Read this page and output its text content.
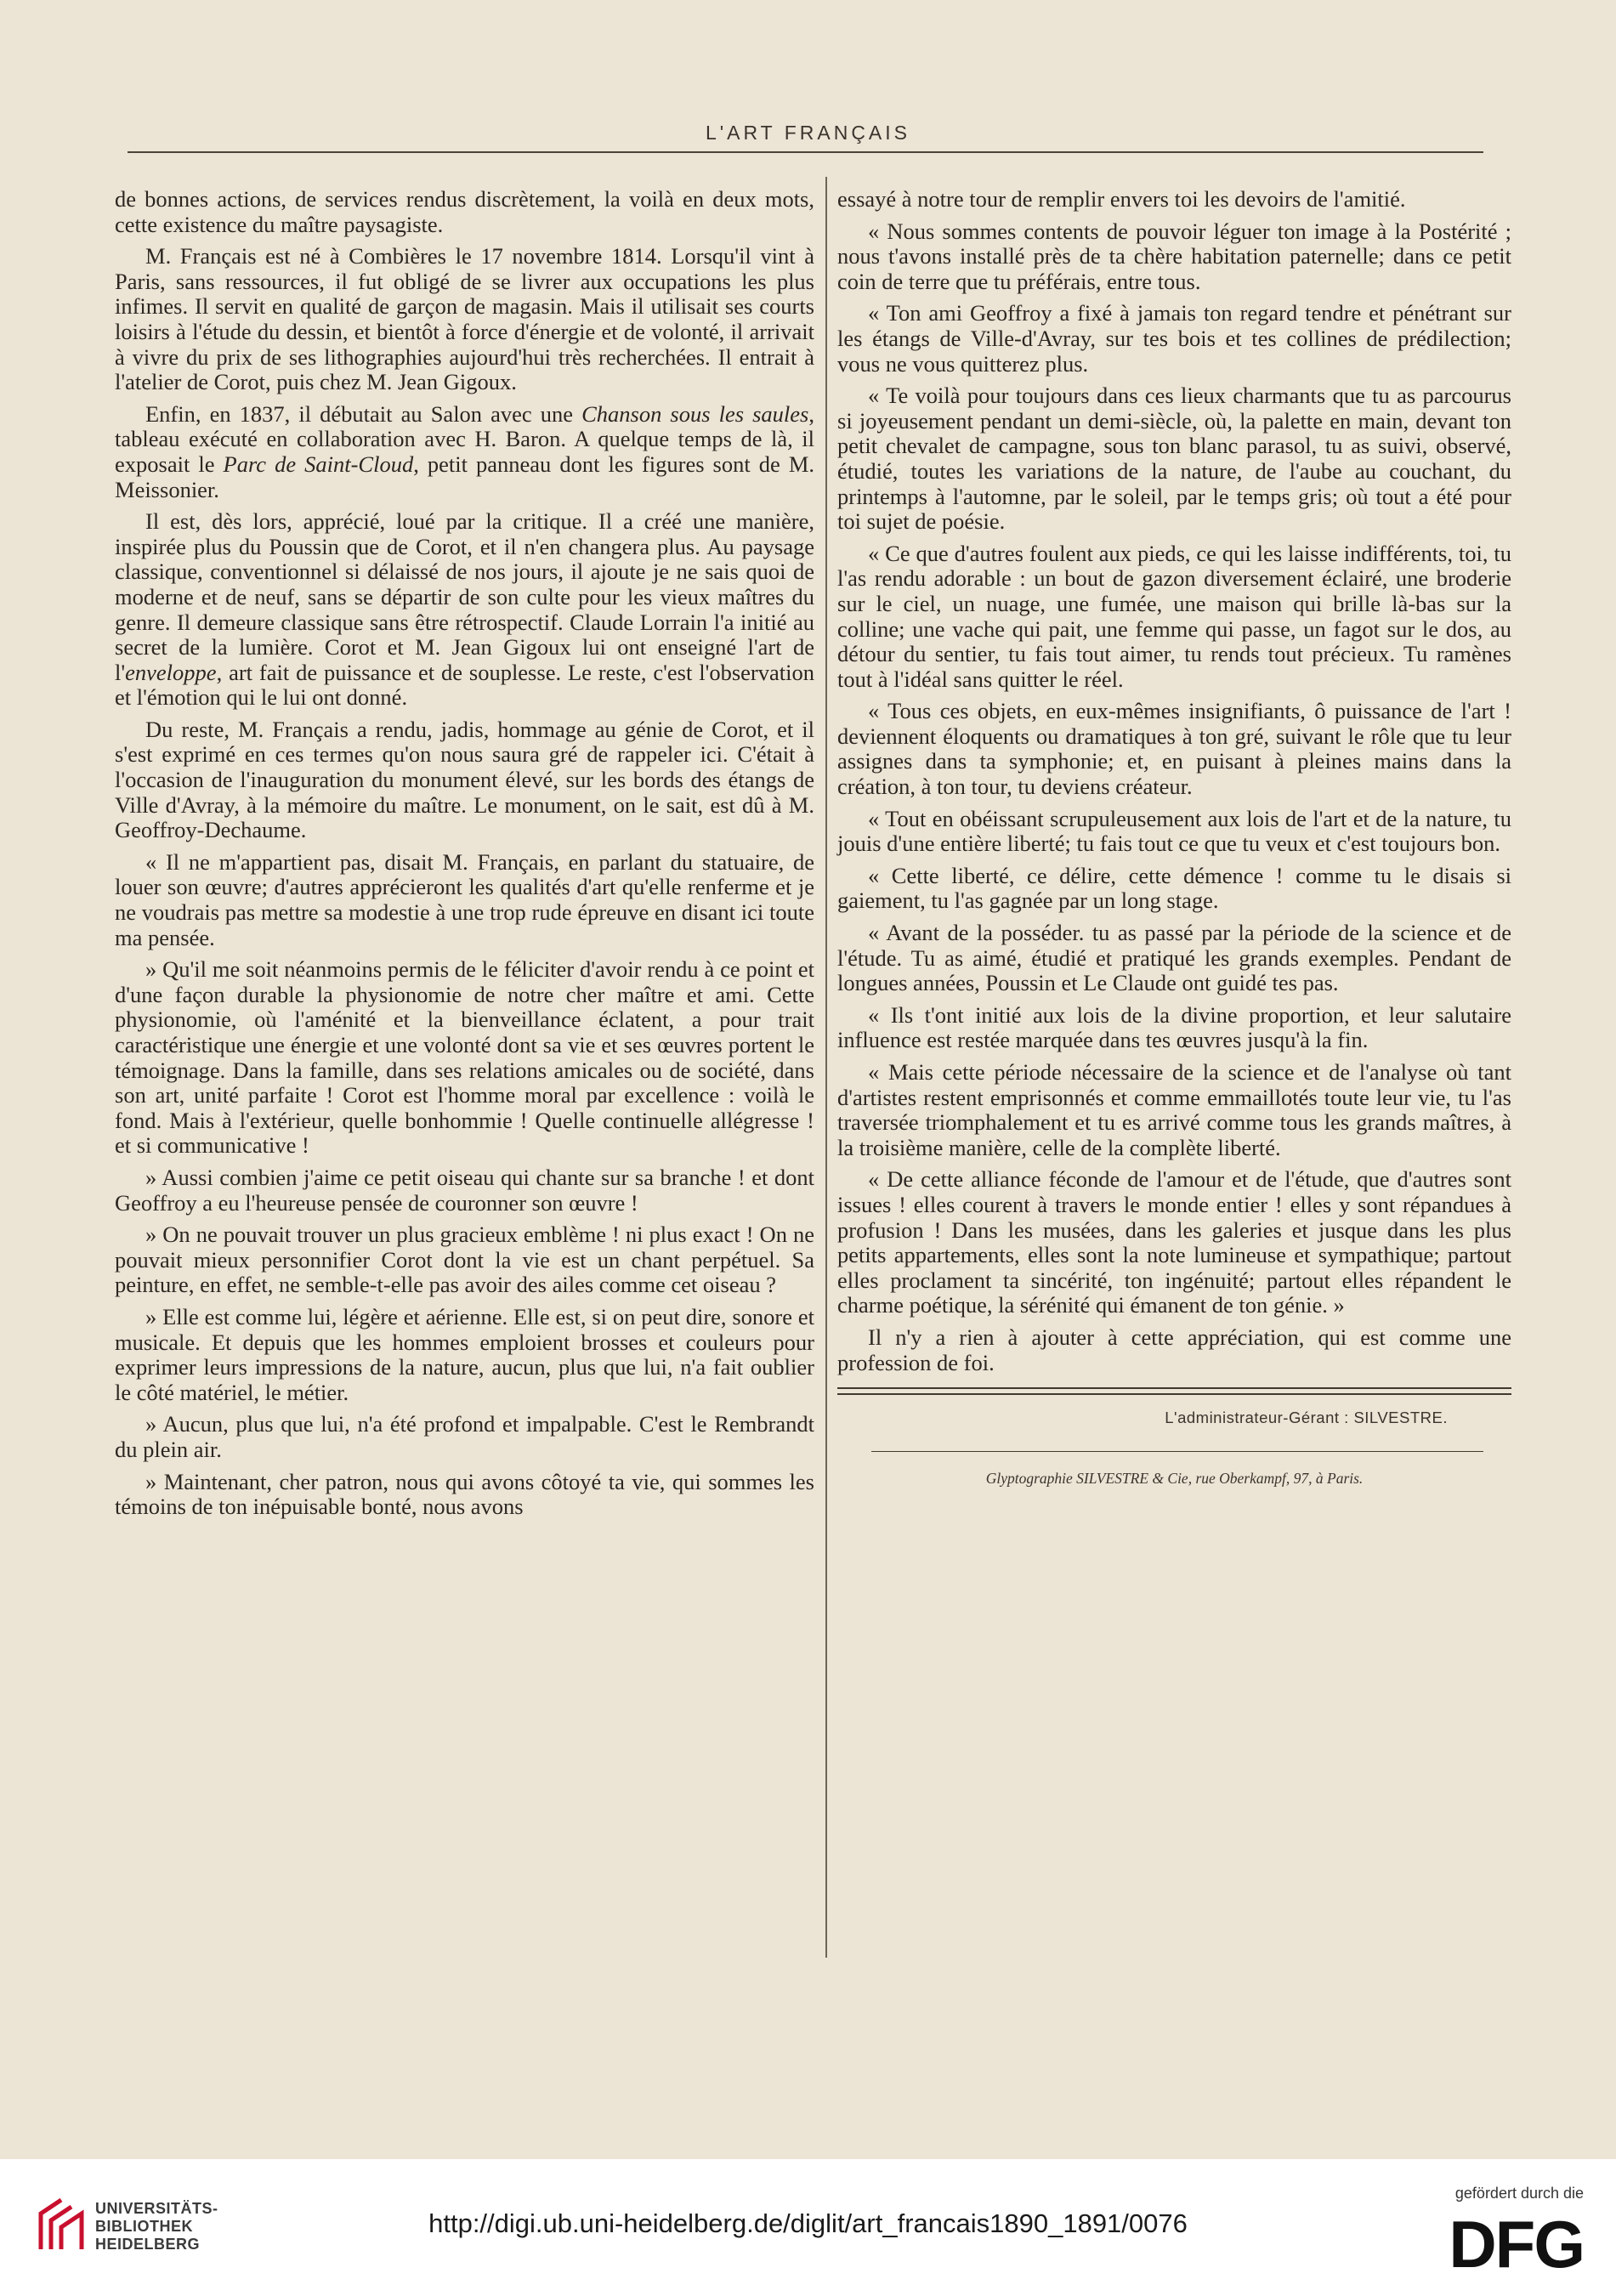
L'ART FRANÇAIS

de bonnes actions, de services rendus discrètement, la voilà en deux mots, cette existence du maître paysagiste.

M. Français est né à Combières le 17 novembre 1814. Lorsqu'il vint à Paris, sans ressources, il fut obligé de se livrer aux occupations les plus infimes. Il servit en qualité de garçon de magasin. Mais il utilisait ses courts loisirs à l'étude du dessin, et bientôt à force d'énergie et de volonté, il arrivait à vivre du prix de ses lithographies aujourd'hui très recherchées. Il entrait à l'atelier de Corot, puis chez M. Jean Gigoux.

Enfin, en 1837, il débutait au Salon avec une Chanson sous les saules, tableau exécuté en collaboration avec H. Baron. A quelque temps de là, il exposait le Parc de Saint-Cloud, petit panneau dont les figures sont de M. Meissonier.

Il est, dès lors, apprécié, loué par la critique. Il a créé une manière, inspirée plus du Poussin que de Corot, et il n'en changera plus. Au paysage classique, conventionnel si délaissé de nos jours, il ajoute je ne sais quoi de moderne et de neuf, sans se départir de son culte pour les vieux maîtres du genre. Il demeure classique sans être rétrospectif. Claude Lorrain l'a initié au secret de la lumière. Corot et M. Jean Gigoux lui ont enseigné l'art de l'enveloppe, art fait de puissance et de souplesse. Le reste, c'est l'observation et l'émotion qui le lui ont donné.

Du reste, M. Français a rendu, jadis, hommage au génie de Corot, et il s'est exprimé en ces termes qu'on nous saura gré de rappeler ici. C'était à l'occasion de l'inauguration du monument élevé, sur les bords des étangs de Ville d'Avray, à la mémoire du maître. Le monument, on le sait, est dû à M. Geoffroy-Dechaume.

« Il ne m'appartient pas, disait M. Français, en parlant du statuaire, de louer son œuvre; d'autres apprécieront les qualités d'art qu'elle renferme et je ne voudrais pas mettre sa modestie à une trop rude épreuve en disant ici toute ma pensée.

» Qu'il me soit néanmoins permis de le féliciter d'avoir rendu à ce point et d'une façon durable la physionomie de notre cher maître et ami. Cette physionomie, où l'aménité et la bienveillance éclatent, a pour trait caractéristique une énergie et une volonté dont sa vie et ses œuvres portent le témoignage. Dans la famille, dans ses relations amicales ou de société, dans son art, unité parfaite ! Corot est l'homme moral par excellence : voilà le fond. Mais à l'extérieur, quelle bonhommie ! Quelle continuelle allégresse ! et si communicative !

» Aussi combien j'aime ce petit oiseau qui chante sur sa branche ! et dont Geoffroy a eu l'heureuse pensée de couronner son œuvre !

» On ne pouvait trouver un plus gracieux emblème ! ni plus exact ! On ne pouvait mieux personnifier Corot dont la vie est un chant perpétuel. Sa peinture, en effet, ne semble-t-elle pas avoir des ailes comme cet oiseau ?

» Elle est comme lui, légère et aérienne. Elle est, si on peut dire, sonore et musicale. Et depuis que les hommes emploient brosses et couleurs pour exprimer leurs impressions de la nature, aucun, plus que lui, n'a fait oublier le côté matériel, le métier.

» Aucun, plus que lui, n'a été profond et impalpable. C'est le Rembrandt du plein air.

» Maintenant, cher patron, nous qui avons côtoyé ta vie, qui sommes les témoins de ton inépuisable bonté, nous avons

essayé à notre tour de remplir envers toi les devoirs de l'amitié.

« Nous sommes contents de pouvoir léguer ton image à la Postérité ; nous t'avons installé près de ta chère habitation paternelle; dans ce petit coin de terre que tu préférais, entre tous.

« Ton ami Geoffroy a fixé à jamais ton regard tendre et pénétrant sur les étangs de Ville-d'Avray, sur tes bois et tes collines de prédilection; vous ne vous quitterez plus.

« Te voilà pour toujours dans ces lieux charmants que tu as parcourus si joyeusement pendant un demi-siècle, où, la palette en main, devant ton petit chevalet de campagne, sous ton blanc parasol, tu as suivi, observé, étudié, toutes les variations de la nature, de l'aube au couchant, du printemps à l'automne, par le soleil, par le temps gris; où tout a été pour toi sujet de poésie.

« Ce que d'autres foulent aux pieds, ce qui les laisse indifférents, toi, tu l'as rendu adorable : un bout de gazon diversement éclairé, une broderie sur le ciel, un nuage, une fumée, une maison qui brille là-bas sur la colline; une vache qui pait, une femme qui passe, un fagot sur le dos, au détour du sentier, tu fais tout aimer, tu rends tout précieux. Tu ramènes tout à l'idéal sans quitter le réel.

« Tous ces objets, en eux-mêmes insignifiants, ô puissance de l'art ! deviennent éloquents ou dramatiques à ton gré, suivant le rôle que tu leur assignes dans ta symphonie; et, en puisant à pleines mains dans la création, à ton tour, tu deviens créateur.

« Tout en obéissant scrupuleusement aux lois de l'art et de la nature, tu jouis d'une entière liberté; tu fais tout ce que tu veux et c'est toujours bon.

« Cette liberté, ce délire, cette démence ! comme tu le disais si gaiement, tu l'as gagnée par un long stage.

« Avant de la posséder. tu as passé par la période de la science et de l'étude. Tu as aimé, étudié et pratiqué les grands exemples. Pendant de longues années, Poussin et Le Claude ont guidé tes pas.

« Ils t'ont initié aux lois de la divine proportion, et leur salutaire influence est restée marquée dans tes œuvres jusqu'à la fin.

« Mais cette période nécessaire de la science et de l'analyse où tant d'artistes restent emprisonnés et comme emmaillotés toute leur vie, tu l'as traversée triomphalement et tu es arrivé comme tous les grands maîtres, à la troisième manière, celle de la complète liberté.

« De cette alliance féconde de l'amour et de l'étude, que d'autres sont issues ! elles courent à travers le monde entier ! elles y sont répandues à profusion ! Dans les musées, dans les galeries et jusque dans les plus petits appartements, elles sont la note lumineuse et sympathique; partout elles proclament ta sincérité, ton ingénuité; partout elles répandent le charme poétique, la sérénité qui émanent de ton génie. »

Il n'y a rien à ajouter à cette appréciation, qui est comme une profession de foi.

L'administrateur-Gérant : SILVESTRE.
Glyptographie SILVESTRE & Cie, rue Oberkampf, 97, à Paris.
UNIVERSITÄTS-
BIBLIOTHEK
HEIDELBERG
http://digi.ub.uni-heidelberg.de/diglit/art_francais1890_1891/0076
gefördert durch die
DFG
